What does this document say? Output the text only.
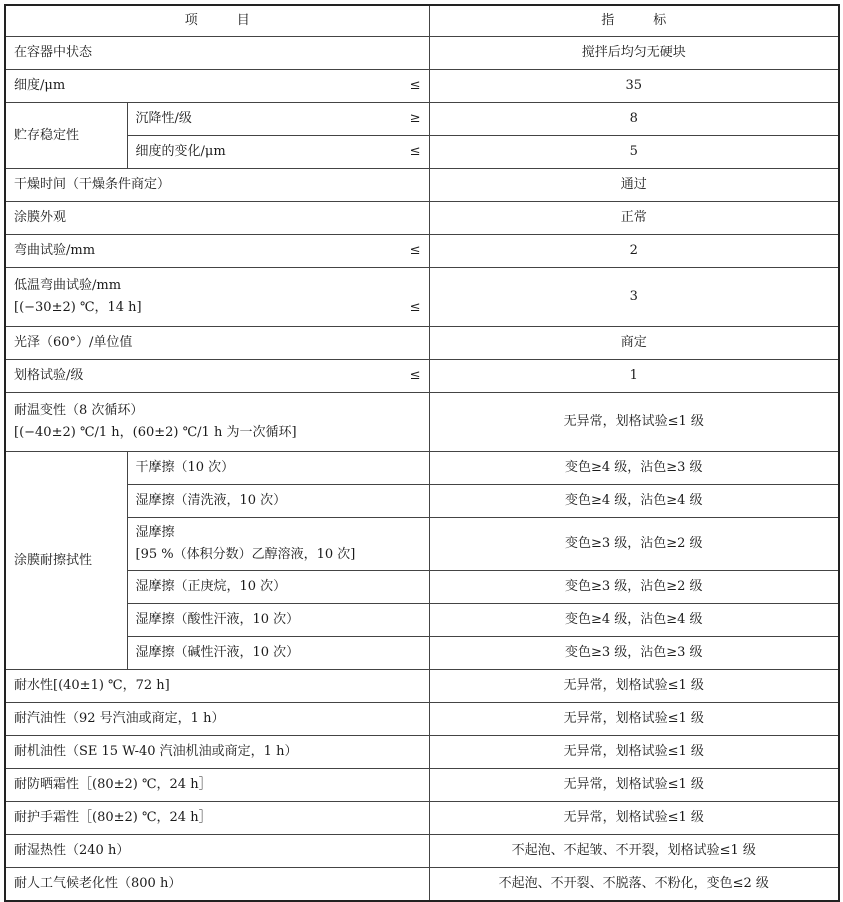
项　　　目		指　　　标
在容器中状态		搅拌后均匀无硬块

细度/μm ≤		35
贮存稳定性	沉降性/级 ≥	8

	细度的变化/μm ≤	5
干燥时间（干燥条件商定）		通过
涂膜外观		正常

弯曲试验/mm ≤		2

低温弯曲试验/mm
[(−30±2) ℃，14 h] ≤		3
光泽（60°）/单位值		商定

划格试验/级 ≤		1

耐温变性（8 次循环）
[(−40±2) ℃/1 h，(60±2) ℃/1 h 为一次循环]		无异常，划格试验≤1 级
涂膜耐擦拭性	干摩擦（10 次）	变色≥4 级，沾色≥3 级
	湿摩擦（清洗液，10 次）	变色≥4 级，沾色≥4 级

	湿摩擦
[95 %（体积分数）乙醇溶液，10 次]	变色≥3 级，沾色≥2 级
	湿摩擦（正庚烷，10 次）	变色≥3 级，沾色≥2 级
	湿摩擦（酸性汗液，10 次）	变色≥4 级，沾色≥4 级
	湿摩擦（碱性汗液，10 次）	变色≥3 级，沾色≥3 级
耐水性[(40±1) ℃，72 h]		无异常，划格试验≤1 级
耐汽油性（92 号汽油或商定，1 h）		无异常，划格试验≤1 级
耐机油性（SE 15 W-40 汽油机油或商定，1 h）		无异常，划格试验≤1 级
耐防晒霜性［(80±2) ℃，24 h］		无异常，划格试验≤1 级
耐护手霜性［(80±2) ℃，24 h］		无异常，划格试验≤1 级
耐湿热性（240 h）		不起泡、不起皱、不开裂，划格试验≤1 级
耐人工气候老化性（800 h）		不起泡、不开裂、不脱落、不粉化，变色≤2 级
